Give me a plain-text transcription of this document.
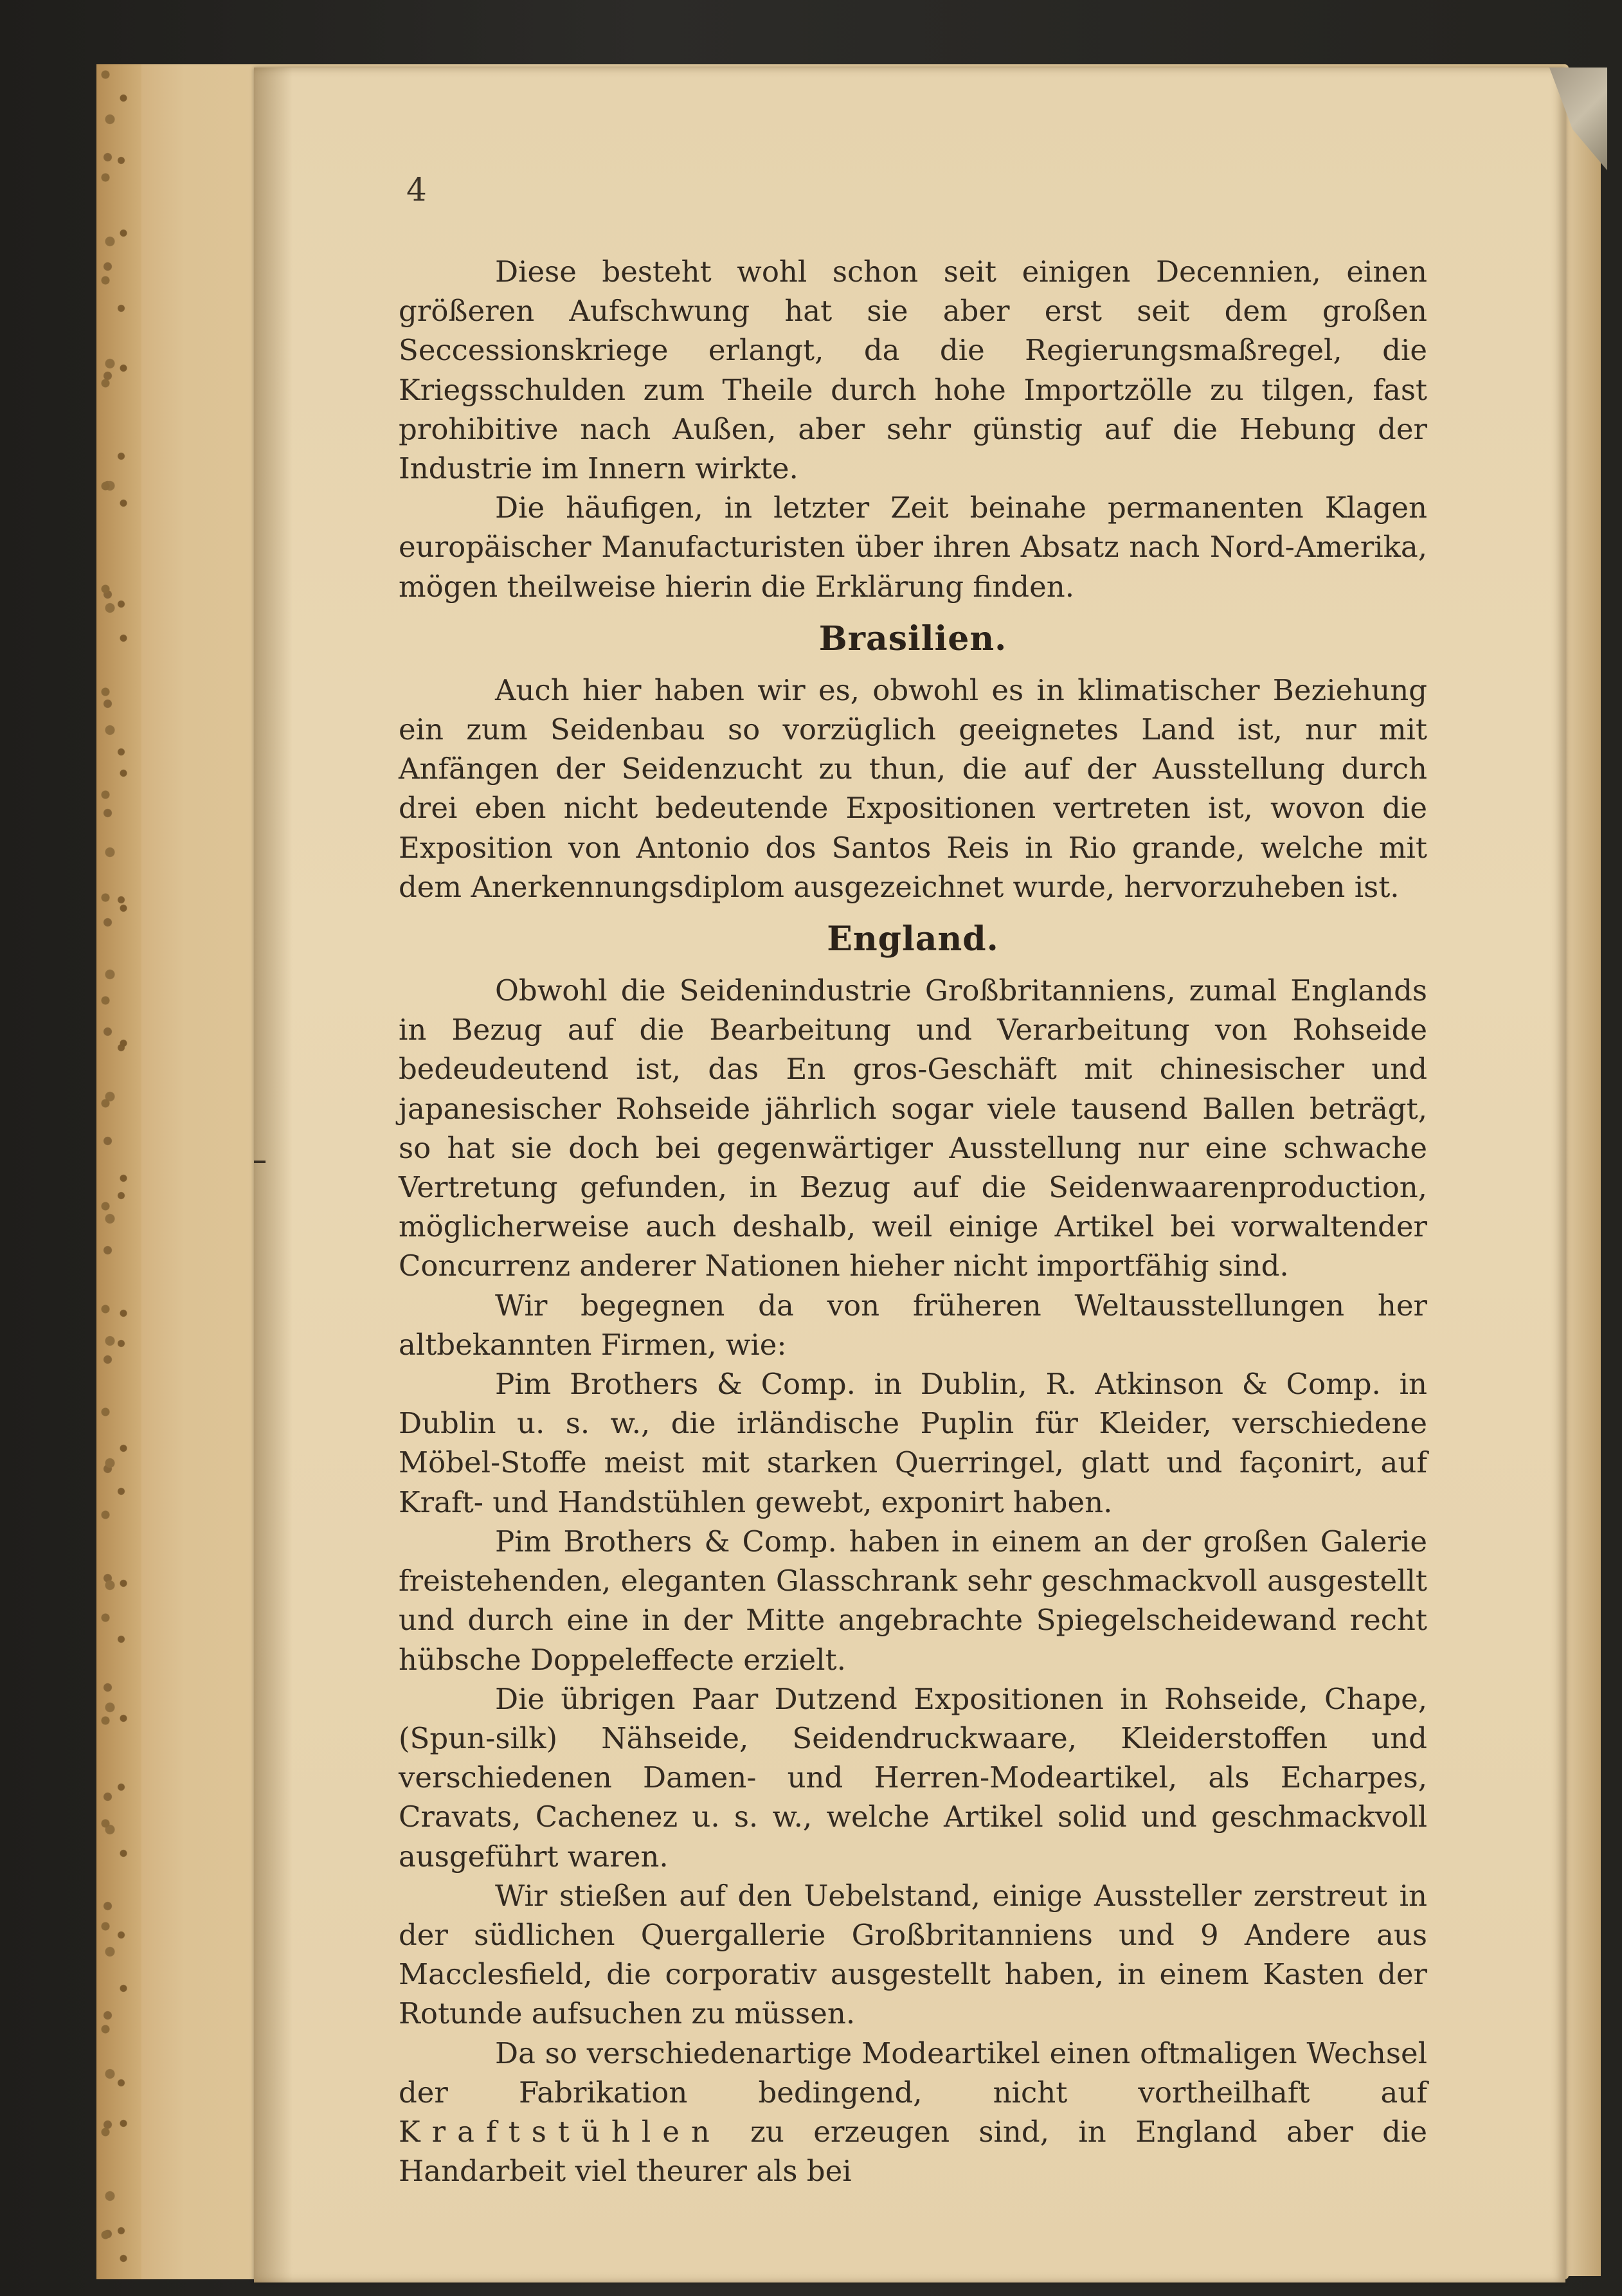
4

Diese besteht wohl schon seit einigen Decennien, einen größeren Aufschwung hat sie aber erst seit dem großen Seccessionskriege erlangt, da die Regierungsmaßregel, die Kriegsschulden zum Theile durch hohe Importzölle zu tilgen, fast prohibitive nach Außen, aber sehr günstig auf die Hebung der Industrie im Innern wirkte.

Die häufigen, in letzter Zeit beinahe permanenten Klagen europäischer Manufacturisten über ihren Absatz nach Nord-Amerika, mögen theilweise hierin die Erklärung finden.

Brasilien.

Auch hier haben wir es, obwohl es in klimatischer Beziehung ein zum Seidenbau so vorzüglich geeignetes Land ist, nur mit Anfängen der Seidenzucht zu thun, die auf der Ausstellung durch drei eben nicht bedeutende Expositionen vertreten ist, wovon die Exposition von Antonio dos Santos Reis in Rio grande, welche mit dem Anerkennungsdiplom ausgezeichnet wurde, hervorzuheben ist.

England.

Obwohl die Seidenindustrie Großbritanniens, zumal Englands in Bezug auf die Bearbeitung und Verarbeitung von Rohseide bedeudeutend ist, das En gros-Geschäft mit chinesischer und japanesischer Rohseide jährlich sogar viele tausend Ballen beträgt, so hat sie doch bei gegenwärtiger Ausstellung nur eine schwache Vertretung gefunden, in Bezug auf die Seidenwaarenproduction, möglicherweise auch deshalb, weil einige Artikel bei vorwaltender Concurrenz anderer Nationen hieher nicht importfähig sind.

Wir begegnen da von früheren Weltausstellungen her altbekannten Firmen, wie:

Pim Brothers & Comp. in Dublin, R. Atkinson & Comp. in Dublin u. s. w., die irländische Puplin für Kleider, verschiedene Möbel-Stoffe meist mit starken Querringel, glatt und façonirt, auf Kraft- und Handstühlen gewebt, exponirt haben.

Pim Brothers & Comp. haben in einem an der großen Galerie freistehenden, eleganten Glasschrank sehr geschmackvoll ausgestellt und durch eine in der Mitte angebrachte Spiegelscheidewand recht hübsche Doppeleffecte erzielt.

Die übrigen Paar Dutzend Expositionen in Rohseide, Chape, (Spun-silk) Nähseide, Seidendruckwaare, Kleiderstoffen und verschiedenen Damen- und Herren-Modeartikel, als Echarpes, Cravats, Cachenez u. s. w., welche Artikel solid und geschmackvoll ausgeführt waren.

Wir stießen auf den Uebelstand, einige Aussteller zerstreut in der südlichen Quergallerie Großbritanniens und 9 Andere aus Macclesfield, die corporativ ausgestellt haben, in einem Kasten der Rotunde aufsuchen zu müssen.

Da so verschiedenartige Modeartikel einen oftmaligen Wechsel der Fabrikation bedingend, nicht vortheilhaft auf Kraftstühlen zu erzeugen sind, in England aber die Handarbeit viel theurer als bei
